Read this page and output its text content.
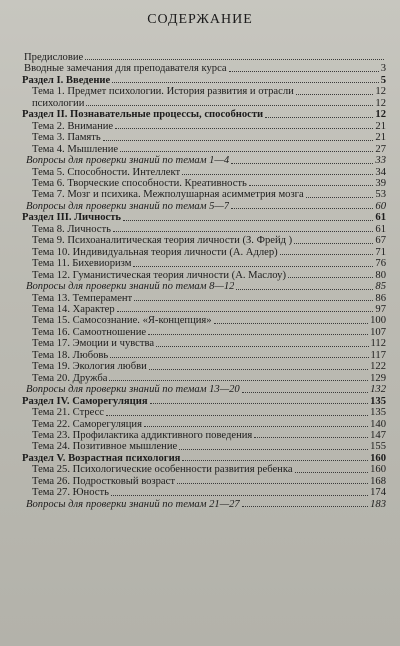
СОДЕРЖАНИЕ
Предисловие
Вводные замечания для преподавателя курса	3
Раздел I. Введение	5
Тема 1. Предмет психологии. История развития и отрасли	12
психологии	12
Раздел II. Познавательные процессы, способности	12
Тема 2. Внимание	21
Тема 3. Память	21
Тема 4. Мышление	27
Вопросы для проверки знаний по темам 1—4	33
Тема 5. Способности. Интеллект	34
Тема 6. Творческие способности. Креативность	39
Тема 7. Мозг и психика. Межполушарная асимметрия мозга	53
Вопросы для проверки знаний по темам 5—7	60
Раздел III. Личность	61
Тема 8. Личность	61
Тема 9. Психоаналитическая теория личности (З. Фрейд )	67
Тема 10. Индивидуальная теория личности (А. Адлер)	71
Тема 11. Бихевиоризм	76
Тема 12. Гуманистическая теория личности (А. Маслоу)	80
Вопросы для проверки знаний по темам 8—12	85
Тема 13. Темперамент	86
Тема 14. Характер	97
Тема 15. Самосознание. «Я-концепция»	100
Тема 16. Самоотношение	107
Тема 17. Эмоции и чувства	112
Тема 18. Любовь	117
Тема 19. Экология любви	122
Тема 20. Дружба	129
Вопросы для проверки знаний по темам 13—20	132
Раздел IV. Саморегуляция	135
Тема 21. Стресс	135
Тема 22. Саморегуляция	140
Тема 23. Профилактика аддиктивного поведения	147
Тема 24. Позитивное мышление	155
Раздел V. Возрастная психология	160
Тема 25. Психологические особенности развития ребенка	160
Тема 26. Подростковый возраст	168
Тема 27. Юность	174
Вопросы для проверки знаний по темам 21—27	183
